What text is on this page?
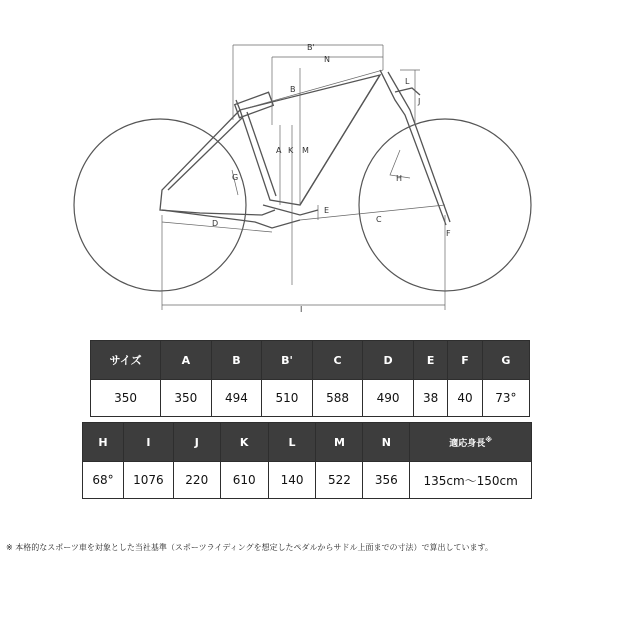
B'
N
B
L
J
A K M
H
G
E
C
D
F
I
サイズ	A	B	B'	C	D	E	F	G
350	350	494	510	588	490	38	40	73°
H	I	J	K	L	M	N	適応身長※
68°	1076	220	610	140	522	356	135cm～150cm
※ 本格的なスポーツ車を対象とした当社基準（スポーツライディングを想定したペダルからサドル上面までの寸法）で算出しています。
